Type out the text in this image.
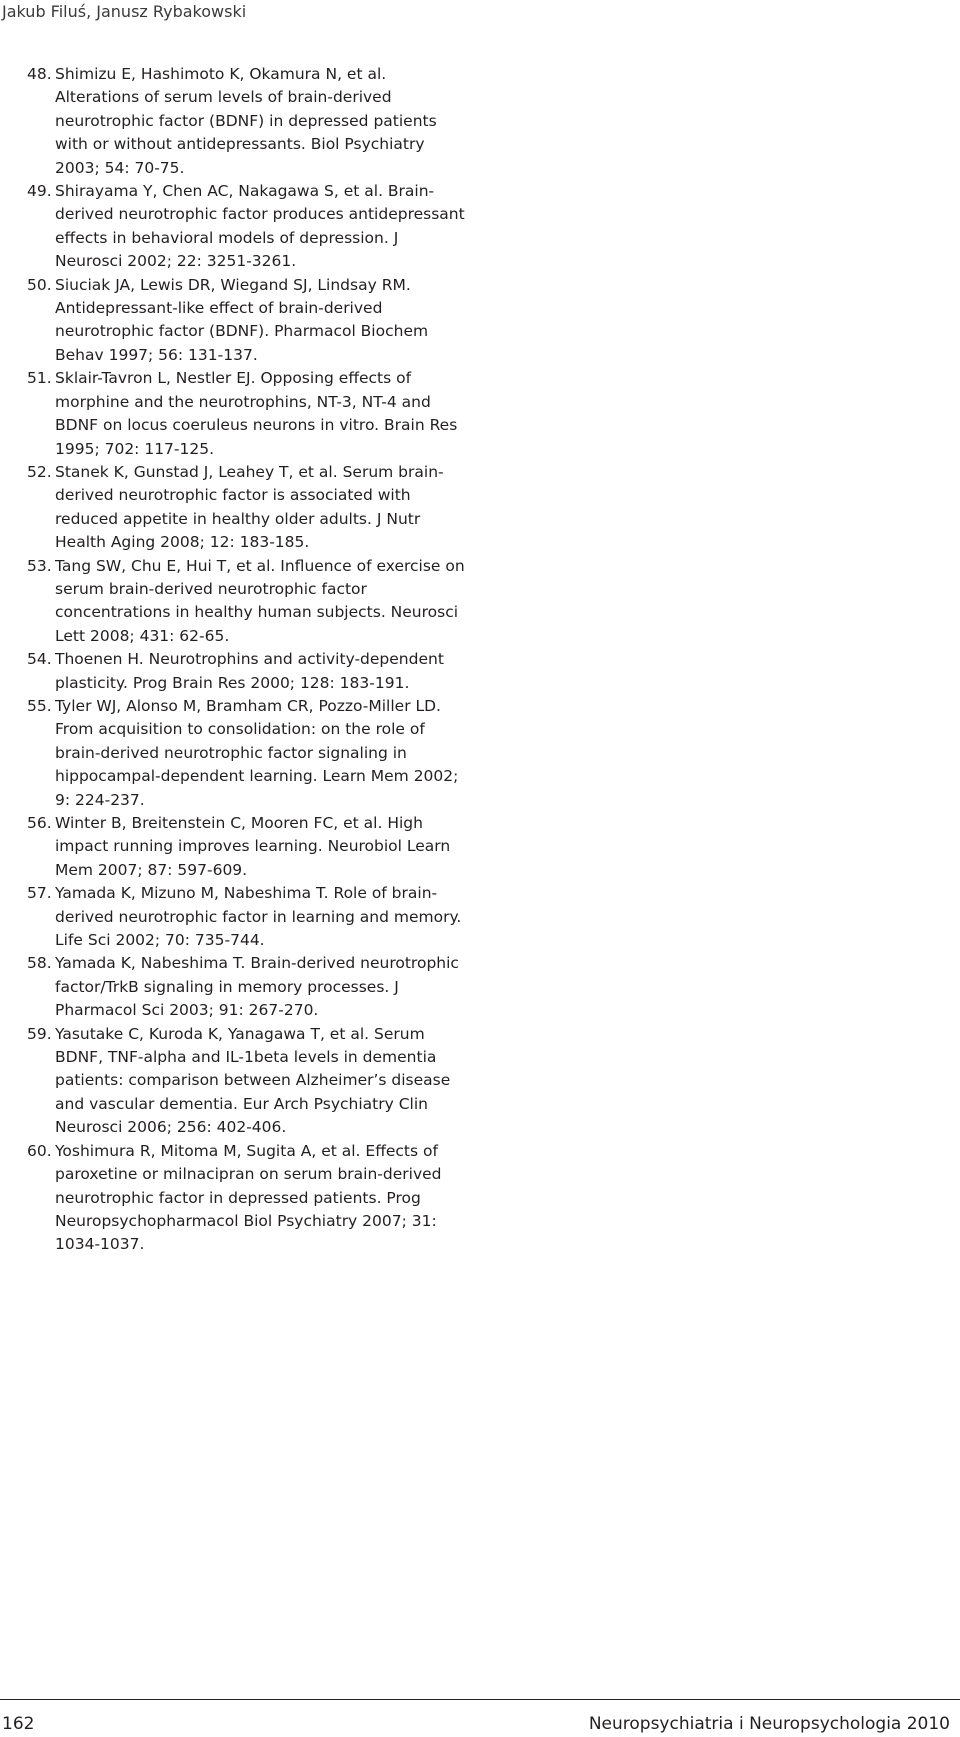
Jakub Filuś, Janusz Rybakowski
48. Shimizu E, Hashimoto K, Okamura N, et al. Alterations of serum levels of brain-derived neurotrophic factor (BDNF) in depressed patients with or without antidepressants. Biol Psychiatry 2003; 54: 70-75.
49. Shirayama Y, Chen AC, Nakagawa S, et al. Brain-derived neurotrophic factor produces antidepressant effects in behavioral models of depression. J Neurosci 2002; 22: 3251-3261.
50. Siuciak JA, Lewis DR, Wiegand SJ, Lindsay RM. Antidepressant-like effect of brain-derived neurotrophic factor (BDNF). Pharmacol Biochem Behav 1997; 56: 131-137.
51. Sklair-Tavron L, Nestler EJ. Opposing effects of morphine and the neurotrophins, NT-3, NT-4 and BDNF on locus coeruleus neurons in vitro. Brain Res 1995; 702: 117-125.
52. Stanek K, Gunstad J, Leahey T, et al. Serum brain-derived neurotrophic factor is associated with reduced appetite in healthy older adults. J Nutr Health Aging 2008; 12: 183-185.
53. Tang SW, Chu E, Hui T, et al. Influence of exercise on serum brain-derived neurotrophic factor concentrations in healthy human subjects. Neurosci Lett 2008; 431: 62-65.
54. Thoenen H. Neurotrophins and activity-dependent plasticity. Prog Brain Res 2000; 128: 183-191.
55. Tyler WJ, Alonso M, Bramham CR, Pozzo-Miller LD. From acquisition to consolidation: on the role of brain-derived neurotrophic factor signaling in hippocampal-dependent learning. Learn Mem 2002; 9: 224-237.
56. Winter B, Breitenstein C, Mooren FC, et al. High impact running improves learning. Neurobiol Learn Mem 2007; 87: 597-609.
57. Yamada K, Mizuno M, Nabeshima T. Role of brain-derived neurotrophic factor in learning and memory. Life Sci 2002; 70: 735-744.
58. Yamada K, Nabeshima T. Brain-derived neurotrophic factor/TrkB signaling in memory processes. J Pharmacol Sci 2003; 91: 267-270.
59. Yasutake C, Kuroda K, Yanagawa T, et al. Serum BDNF, TNF-alpha and IL-1beta levels in dementia patients: comparison between Alzheimer’s disease and vascular dementia. Eur Arch Psychiatry Clin Neurosci 2006; 256: 402-406.
60. Yoshimura R, Mitoma M, Sugita A, et al. Effects of paroxetine or milnacipran on serum brain-derived neurotrophic factor in depressed patients. Prog Neuropsychopharmacol Biol Psychiatry 2007; 31: 1034-1037.
162	Neuropsychiatria i Neuropsychologia 2010
